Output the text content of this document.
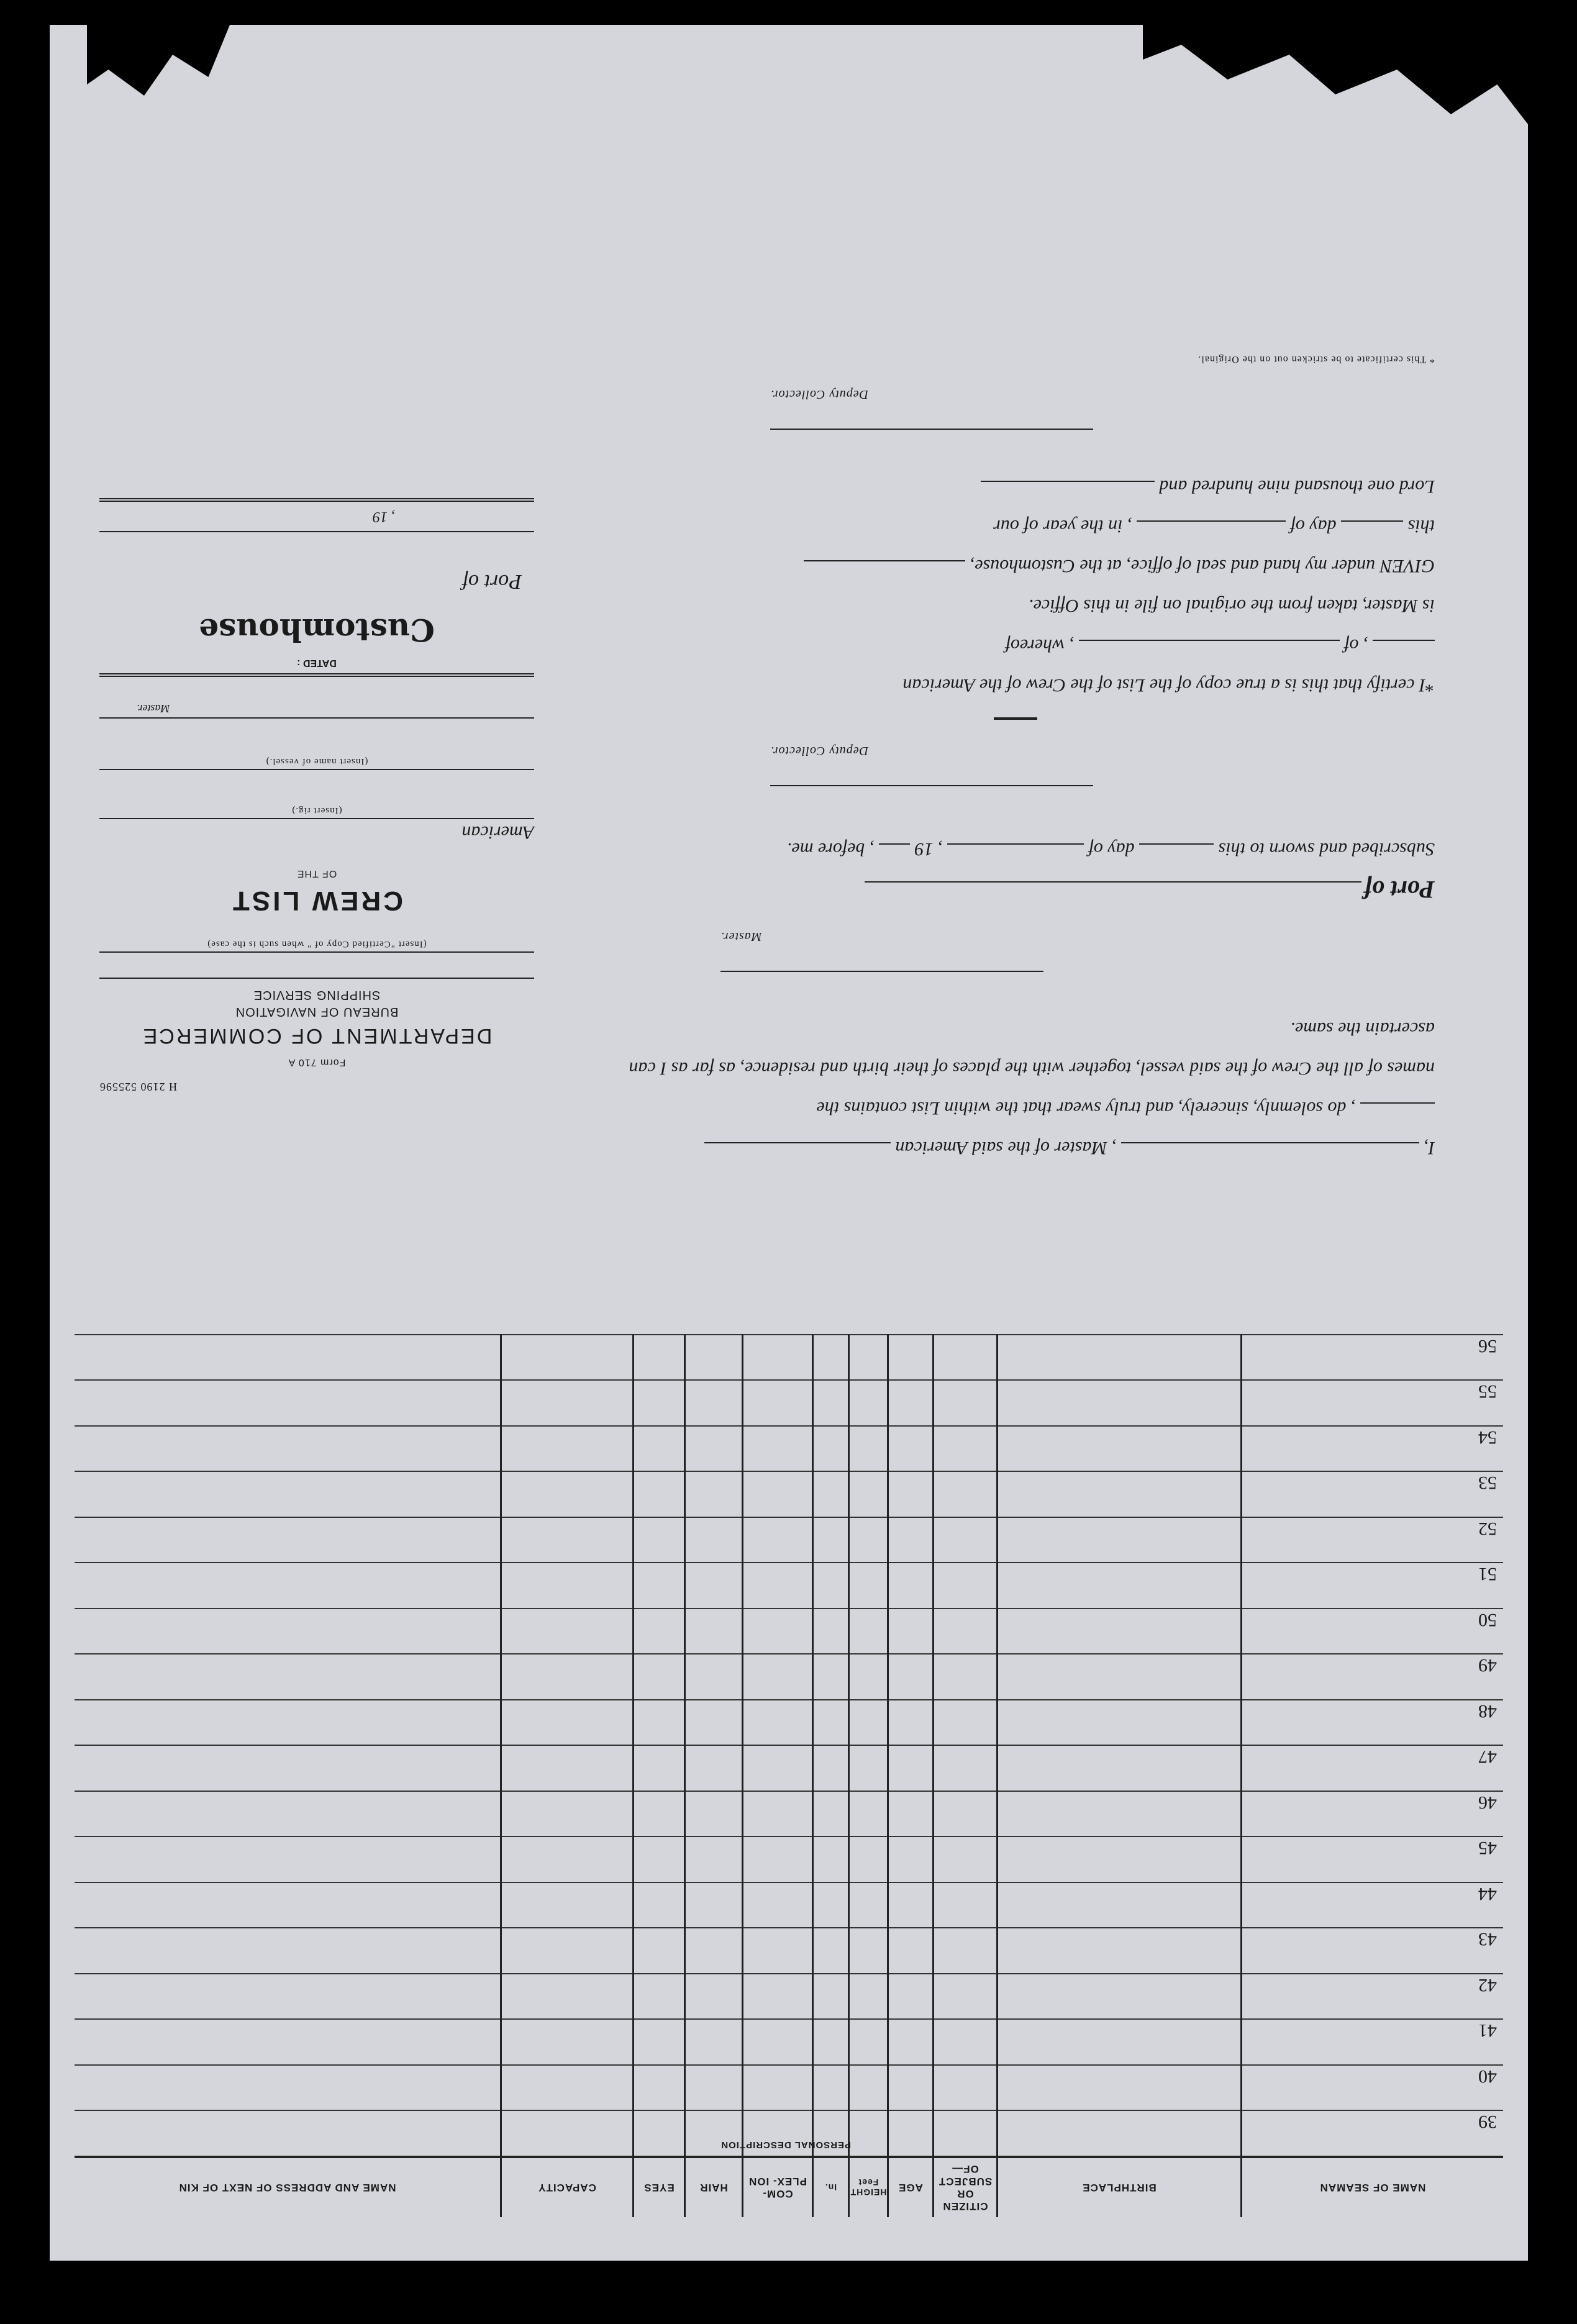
NAME OF SEAMAN	BIRTHPLACE	CITIZEN OR SUBJECT OF—	AGE	HEIGHT
Feet	In.	COM- PLEX- ION	HAIR	EYES	CAPACITY	NAME AND ADDRESS OF NEXT OF KIN
39										
40										
41										
42										
43										
44										
45										
46										
47										
48										
49										
50										
51										
52										
53										
54										
55										
56										
PERSONAL DESCRIPTION
I,  , Master of the said American
, do solemnly, sincerely, and truly swear that the within List contains the
names of all the Crew of the said vessel, together with the places of their birth and residence, as far as I can
ascertain the same.
Master.
Port of
Subscribed and sworn to this  day of  , 19  , before me.
Deputy Collector.
*I certify that this is a true copy of the List of the Crew of the American
, of  , whereof
is Master, taken from the original on file in this Office.
GIVEN under my hand and seal of office, at the Customhouse,
this  day of  , in the year of our
Lord one thousand nine hundred and
Deputy Collector.
* This certificate to be stricken out on the Original.
H 2190 525596
Form 710 A
DEPARTMENT OF COMMERCE
BUREAU OF NAVIGATION
SHIPPING SERVICE
(Insert "Certified Copy of " when such is the case)
CREW LIST
OF THE
American
(Insert rig.)
(Insert name of vessel.)
Master.
DATED :
Customhouse
Port of
, 19
